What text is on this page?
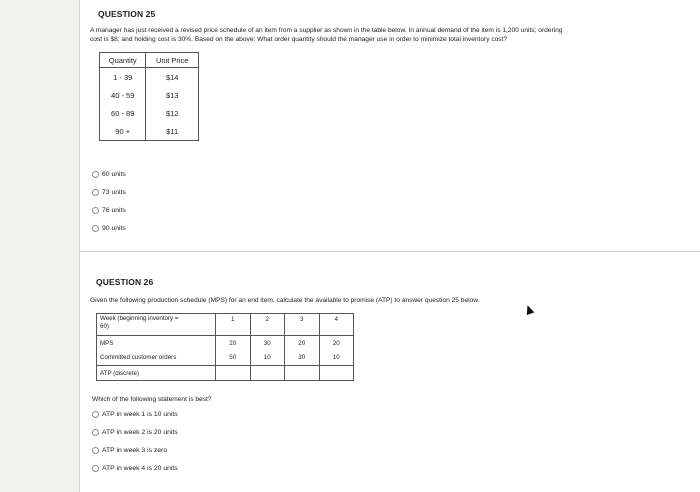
QUESTION 25
A manager has just received a revised price schedule of an item from a supplier as shown in the table below. In annual demand of the item is 1,200 units; ordering
cost is $8; and holding cost is 30%. Based on the above: What order quantity should the manager use in order to minimize total inventory cost?
Quantity	Unit Price
1 - 39	$14
40 - 59	$13
60 - 89	$12
90 +	$11
60 units
73 units
76 units
90 units
QUESTION 26
Given the following production schedule (MPS) for an end item, calculate the available to promise (ATP) to answer question 25 below.
Week (beginning inventory =
60)	1	2	3	4
MPS	20	30	20	20
Committed customer orders	50	10	30	10
ATP (discrete)				
Which of the following statement is best?
ATP in week 1 is 10 units
ATP in week 2 is 20 units
ATP in week 3 is zero
ATP in week 4 is 20 units
